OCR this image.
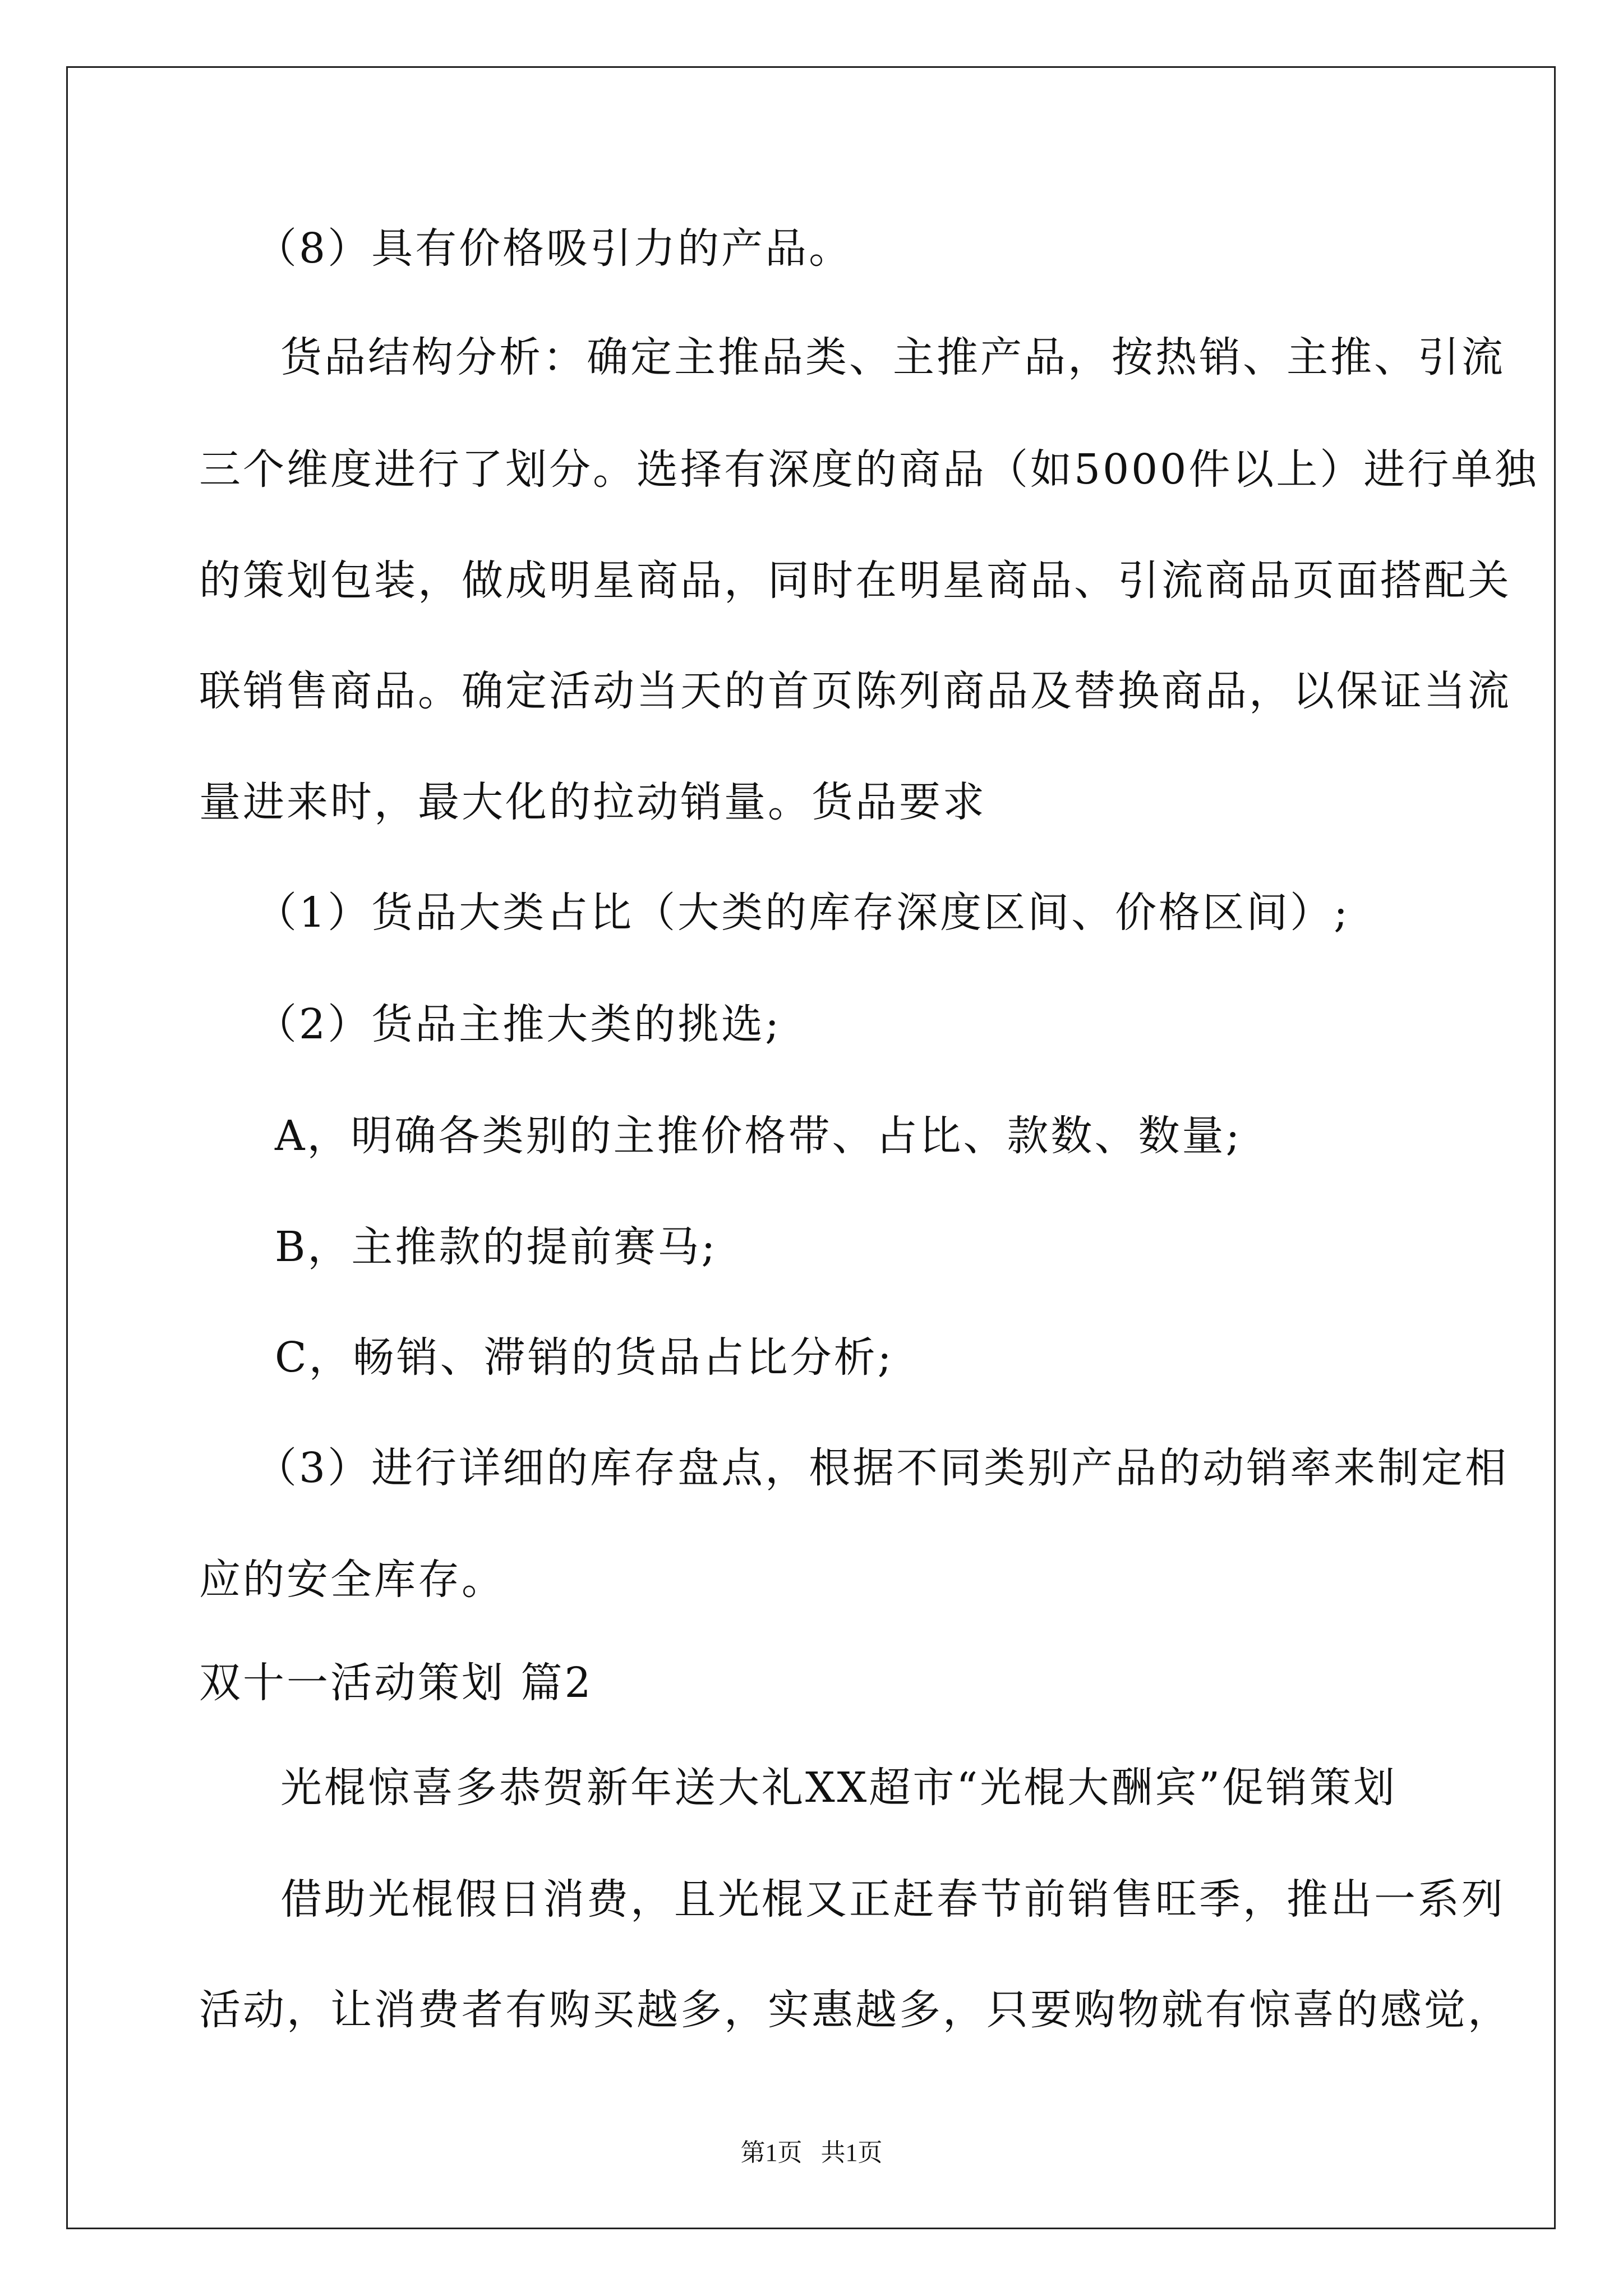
（8）具有价格吸引力的产品。
货品结构分析：确定主推品类、主推产品，按热销、主推、引流
三个维度进行了划分。选择有深度的商品（如5000件以上）进行单独
的策划包装，做成明星商品，同时在明星商品、引流商品页面搭配关
联销售商品。确定活动当天的首页陈列商品及替换商品，以保证当流
量进来时，最大化的拉动销量。货品要求
（1）货品大类占比（大类的库存深度区间、价格区间）;
（2）货品主推大类的挑选;
A，明确各类别的主推价格带、占比、款数、数量;
B，主推款的提前赛马;
C，畅销、滞销的货品占比分析;
（3）进行详细的库存盘点，根据不同类别产品的动销率来制定相
应的安全库存。
双十一活动策划 篇2
光棍惊喜多恭贺新年送大礼XX超市“光棍大酬宾”促销策划
借助光棍假日消费，且光棍又正赶春节前销售旺季，推出一系列
活动，让消费者有购买越多，实惠越多，只要购物就有惊喜的感觉，
第1页 共1页
